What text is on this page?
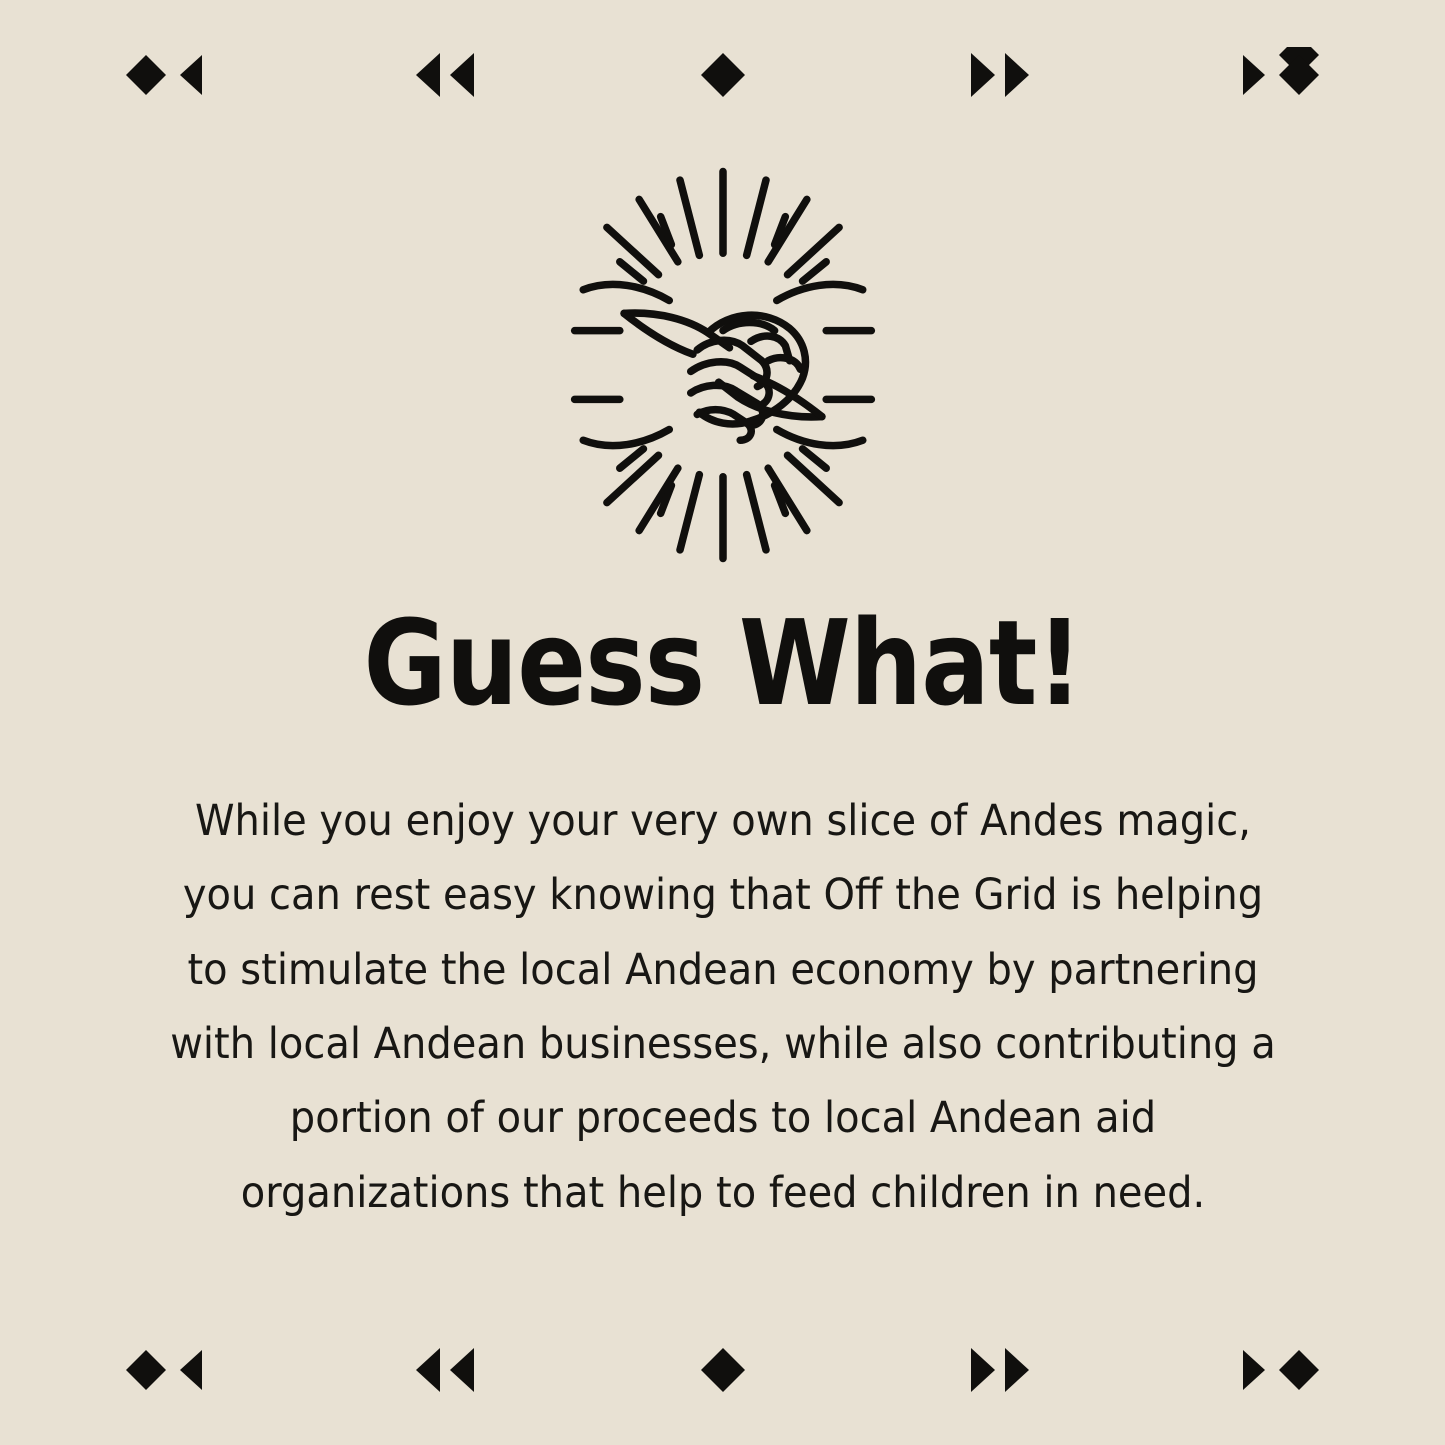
Guess What!
While you enjoy your very own slice of Andes magic, you can rest easy knowing that Off the Grid is helping to stimulate the local Andean economy by partnering with local Andean businesses, while also contributing a portion of our proceeds to local Andean aid organizations that help to feed children in need.
